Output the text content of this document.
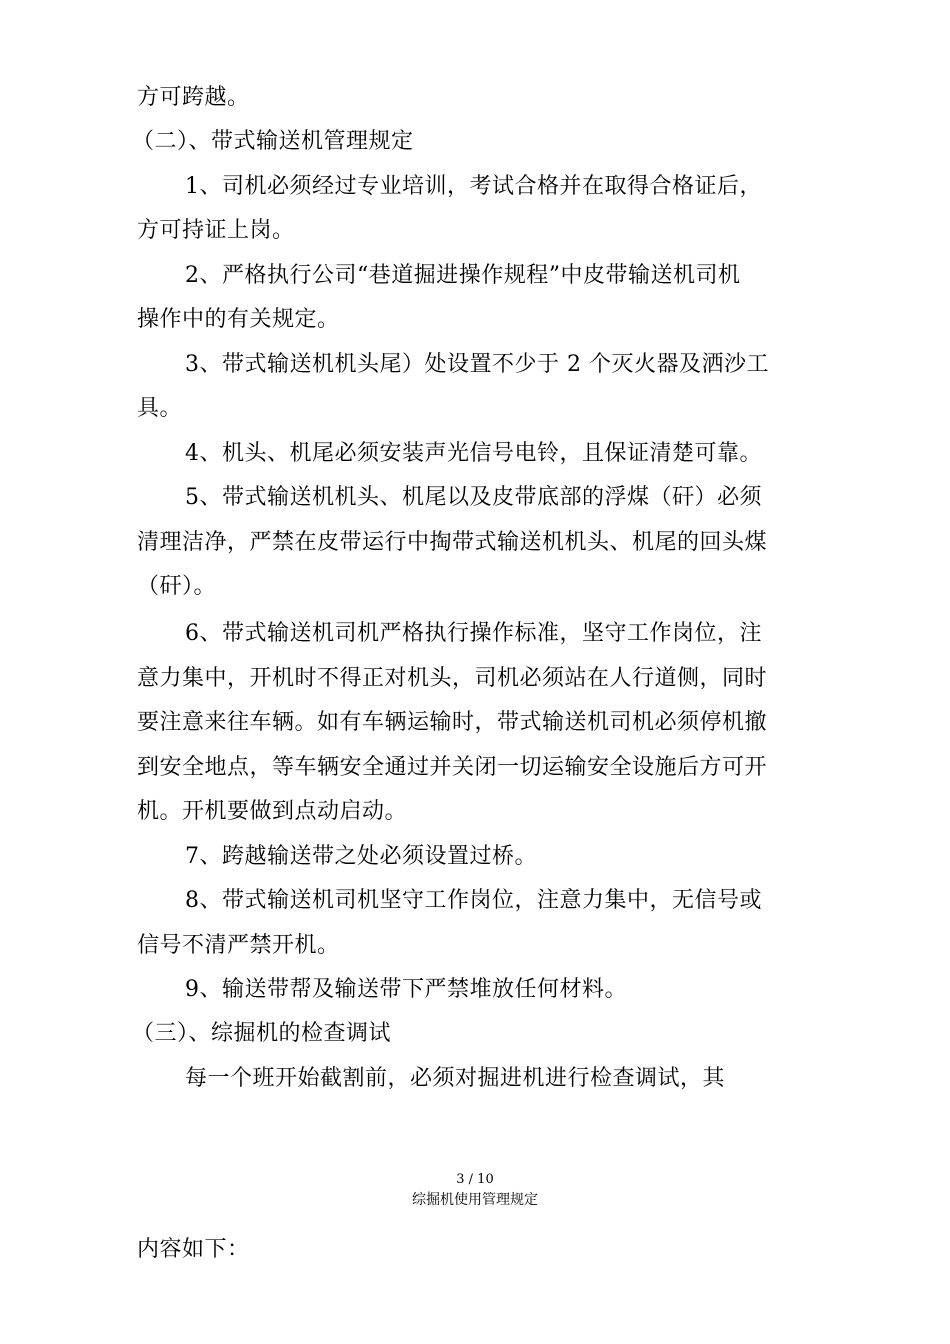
方可跨越。
（二）、带式输送机管理规定
1、司机必须经过专业培训，考试合格并在取得合格证后，
方可持证上岗。
2、严格执行公司“巷道掘进操作规程”中皮带输送机司机
操作中的有关规定。
3、带式输送机机头尾）处设置不少于 2 个灭火器及洒沙工
具。
4、机头、机尾必须安装声光信号电铃，且保证清楚可靠。
5、带式输送机机头、机尾以及皮带底部的浮煤（矸）必须
清理洁净，严禁在皮带运行中掏带式输送机机头、机尾的回头煤
（矸）。
6、带式输送机司机严格执行操作标准，坚守工作岗位，注
意力集中，开机时不得正对机头，司机必须站在人行道侧，同时
要注意来往车辆。如有车辆运输时，带式输送机司机必须停机撤
到安全地点，等车辆安全通过并关闭一切运输安全设施后方可开
机。开机要做到点动启动。
7、跨越输送带之处必须设置过桥。
8、带式输送机司机坚守工作岗位，注意力集中，无信号或
信号不清严禁开机。
9、输送带帮及输送带下严禁堆放任何材料。
（三）、综掘机的检查调试
每一个班开始截割前，必须对掘进机进行检查调试，其
3 / 10
综掘机使用管理规定
内容如下：
